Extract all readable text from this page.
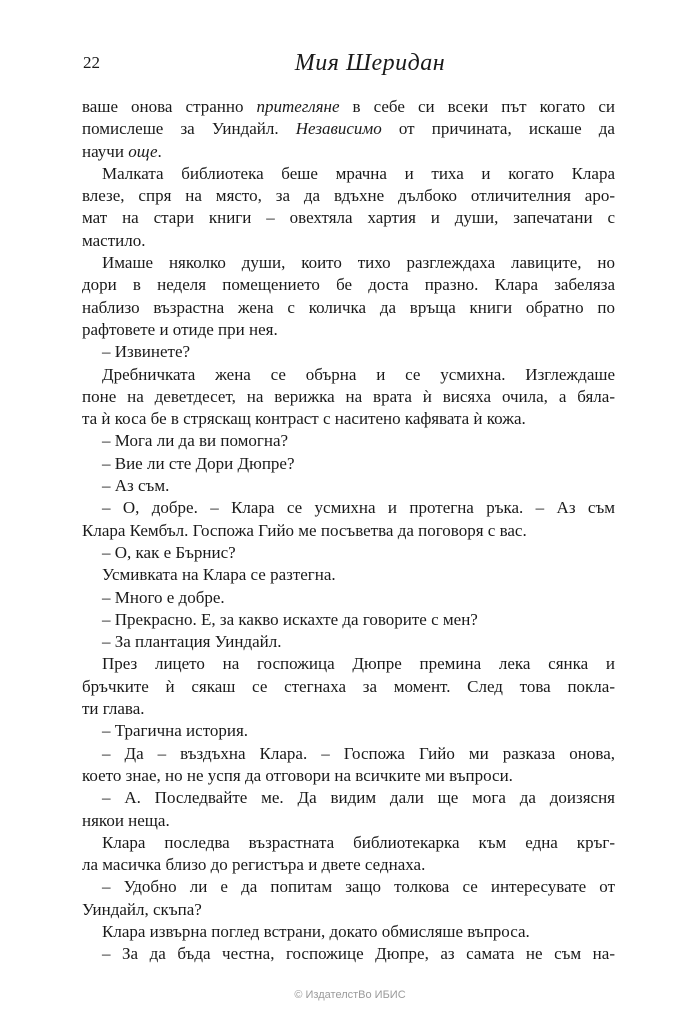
22	Мия Шеридан
ваше онова странно притегляне в себе си всеки път когато си
помислеше за Уиндайл. Независимо от причината, искаше да
научи още.
Малката библиотека беше мрачна и тиха и когато Клара
влезе, спря на място, за да вдъхне дълбоко отличителния аро-
мат на стари книги – овехтяла хартия и души, запечатани с
мастило.
Имаше няколко души, които тихо разглеждаха лавиците, но
дори в неделя помещението бе доста празно. Клара забеляза
наблизо възрастна жена с количка да връща книги обратно по
рафтовете и отиде при нея.
– Извинете?
Дребничката жена се обърна и се усмихна. Изглеждаше
поне на деветдесет, на верижка на врата ѝ висяха очила, а бяла-
та ѝ коса бе в стряскащ контраст с наситено кафявата ѝ кожа.
– Мога ли да ви помогна?
– Вие ли сте Дори Дюпре?
– Аз съм.
– О, добре. – Клара се усмихна и протегна ръка. – Аз съм
Клара Кембъл. Госпожа Гийо ме посъветва да поговоря с вас.
– О, как е Бърнис?
Усмивката на Клара се разтегна.
– Много е добре.
– Прекрасно. Е, за какво искахте да говорите с мен?
– За плантация Уиндайл.
През лицето на госпожица Дюпре премина лека сянка и
бръчките ѝ сякаш се стегнаха за момент. След това покла-
ти глава.
– Трагична история.
– Да – въздъхна Клара. – Госпожа Гийо ми разказа онова,
което знае, но не успя да отговори на всичките ми въпроси.
– А. Последвайте ме. Да видим дали ще мога да доизясня
някои неща.
Клара последва възрастната библиотекарка към една кръг-
ла масичка близо до регистъра и двете седнаха.
– Удобно ли е да попитам защо толкова се интересувате от
Уиндайл, скъпа?
Клара извърна поглед встрани, докато обмисляше въпроса.
– За да бъда честна, госпожице Дюпре, аз самата не съм на-
© ИздателстВо ИБИС
